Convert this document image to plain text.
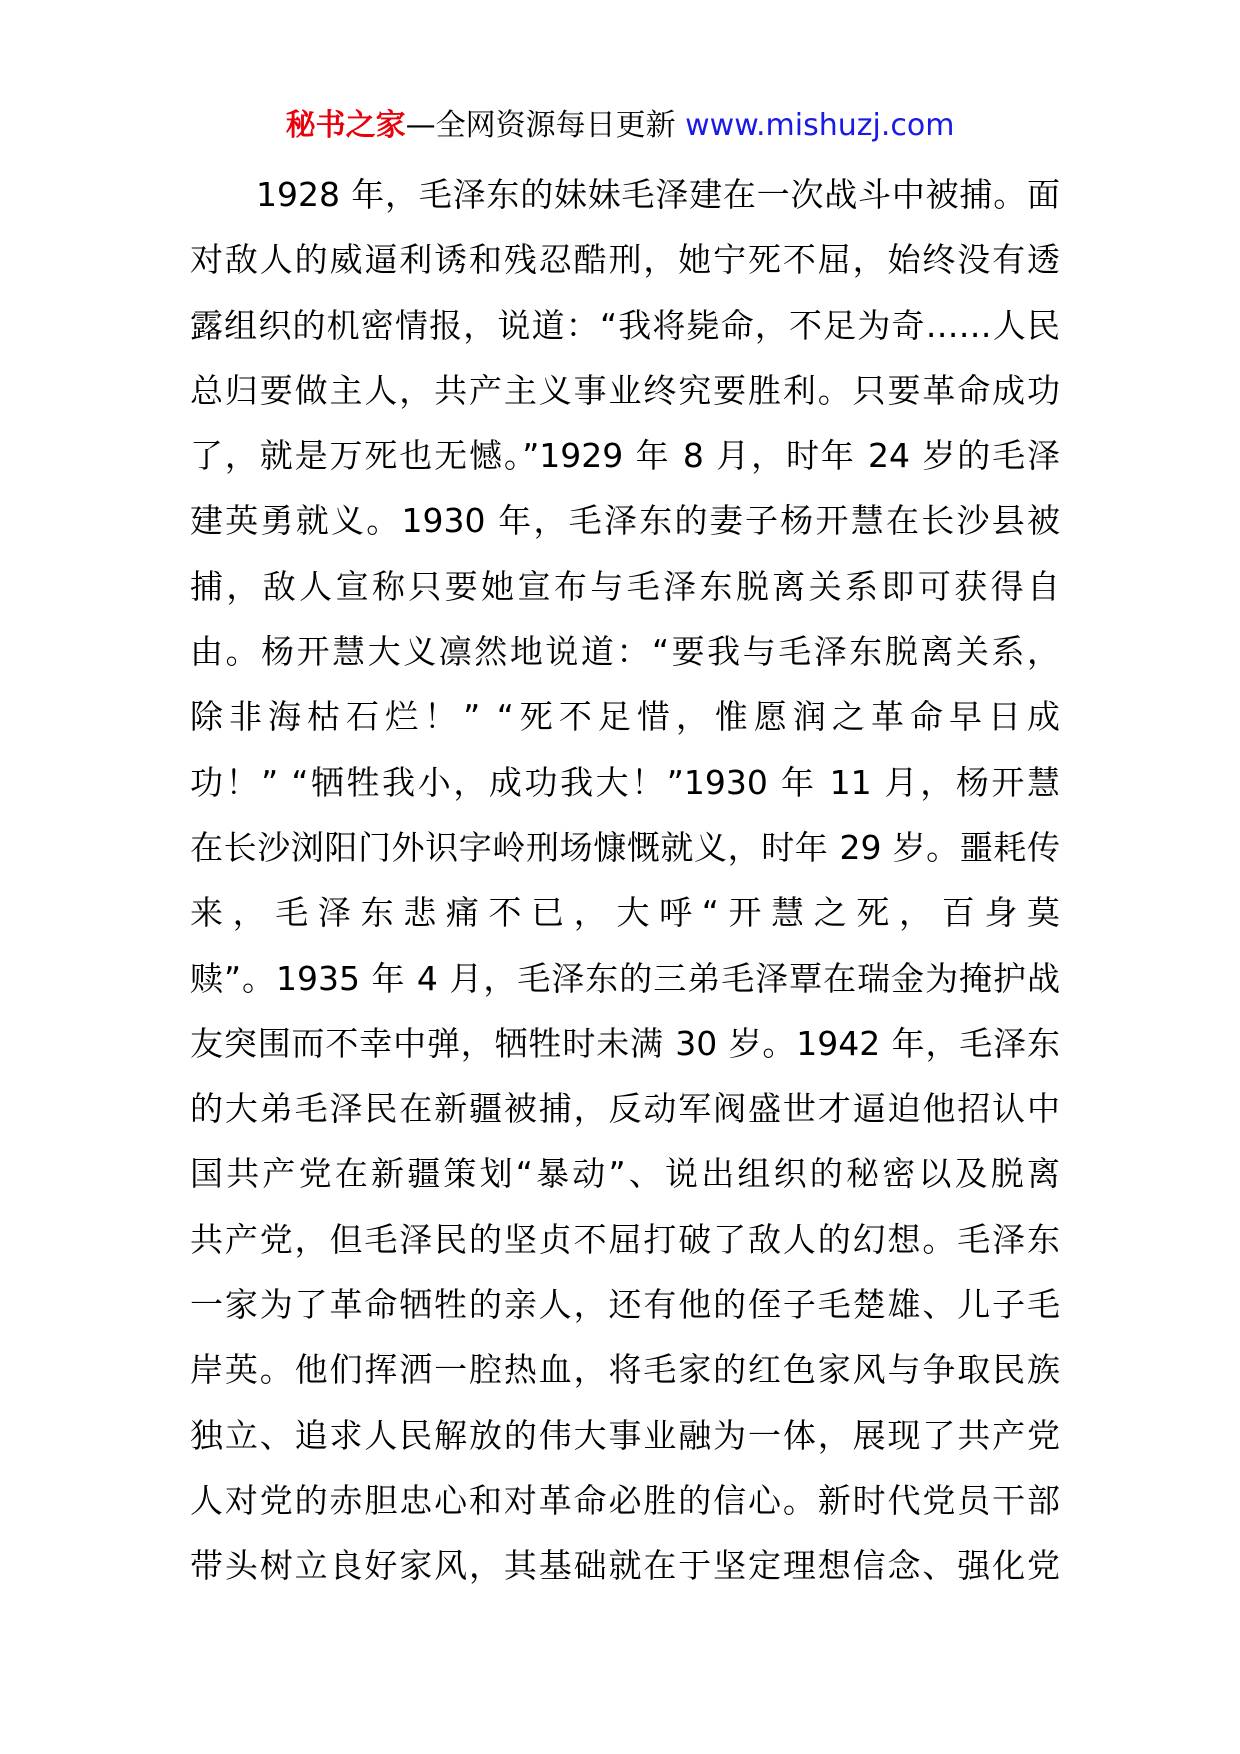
秘书之家—全网资源每日更新 www.mishuzj.com
1928 年，毛泽东的妹妹毛泽建在一次战斗中被捕。面
对敌人的威逼利诱和残忍酷刑，她宁死不屈，始终没有透
露组织的机密情报，说道：“我将毙命，不足为奇……人民
总归要做主人，共产主义事业终究要胜利。只要革命成功
了，就是万死也无憾。”1929 年 8 月，时年 24 岁的毛泽
建英勇就义。1930 年，毛泽东的妻子杨开慧在长沙县被
捕，敌人宣称只要她宣布与毛泽东脱离关系即可获得自
由。杨开慧大义凛然地说道：“要我与毛泽东脱离关系，
除非海枯石烂！” “死不足惜，惟愿润之革命早日成
功！” “牺牲我小，成功我大！”1930 年 11 月，杨开慧
在长沙浏阳门外识字岭刑场慷慨就义，时年 29 岁。噩耗传
来，毛泽东悲痛不已，大呼“开慧之死，百身莫
赎”。1935 年 4 月，毛泽东的三弟毛泽覃在瑞金为掩护战
友突围而不幸中弹，牺牲时未满 30 岁。1942 年，毛泽东
的大弟毛泽民在新疆被捕，反动军阀盛世才逼迫他招认中
国共产党在新疆策划“暴动”、说出组织的秘密以及脱离
共产党，但毛泽民的坚贞不屈打破了敌人的幻想。毛泽东
一家为了革命牺牲的亲人，还有他的侄子毛楚雄、儿子毛
岸英。他们挥洒一腔热血，将毛家的红色家风与争取民族
独立、追求人民解放的伟大事业融为一体，展现了共产党
人对党的赤胆忠心和对革命必胜的信心。新时代党员干部
带头树立良好家风，其基础就在于坚定理想信念、强化党
